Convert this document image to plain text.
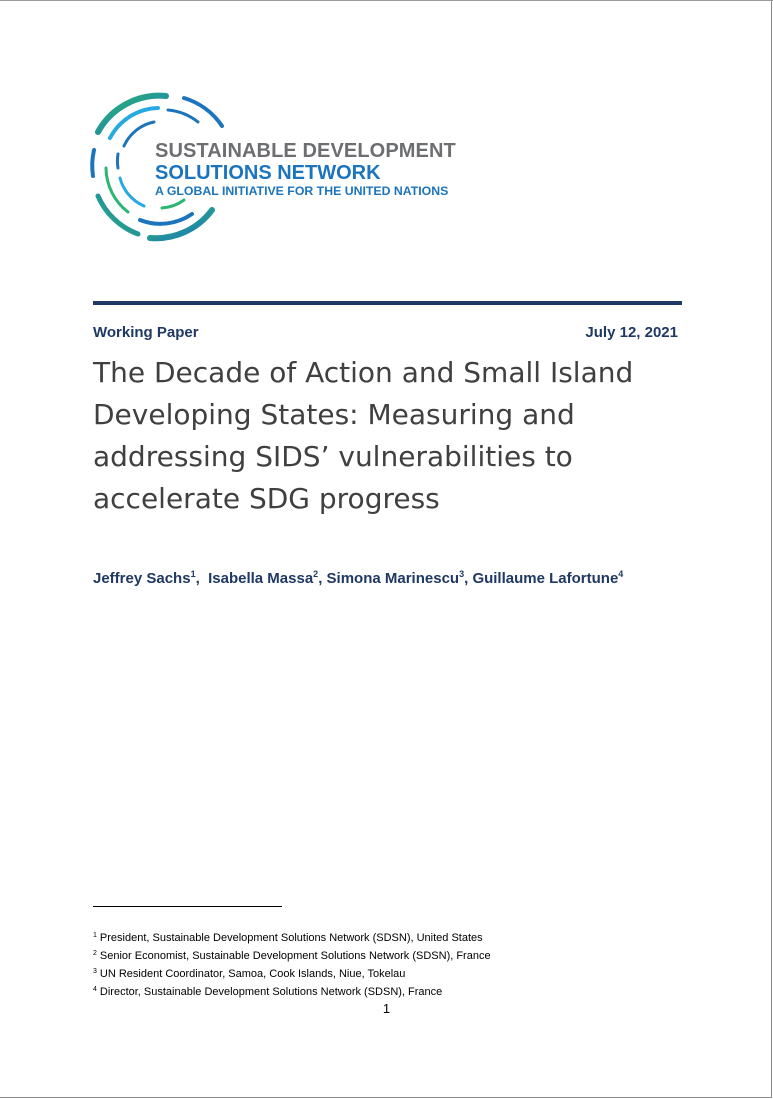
SUSTAINABLE DEVELOPMENT
SOLUTIONS NETWORK
A GLOBAL INITIATIVE FOR THE UNITED NATIONS
Working Paper	July 12, 2021
The Decade of Action and Small Island Developing States: Measuring and addressing SIDS’ vulnerabilities to accelerate SDG progress
Jeffrey Sachs$^1$,  Isabella Massa$^2$, Simona Marinescu$^3$, Guillaume Lafortune$^4$
$^1$ President, Sustainable Development Solutions Network (SDSN), United States
$^2$ Senior Economist, Sustainable Development Solutions Network (SDSN), France
$^3$ UN Resident Coordinator, Samoa, Cook Islands, Niue, Tokelau
$^4$ Director, Sustainable Development Solutions Network (SDSN), France
1
